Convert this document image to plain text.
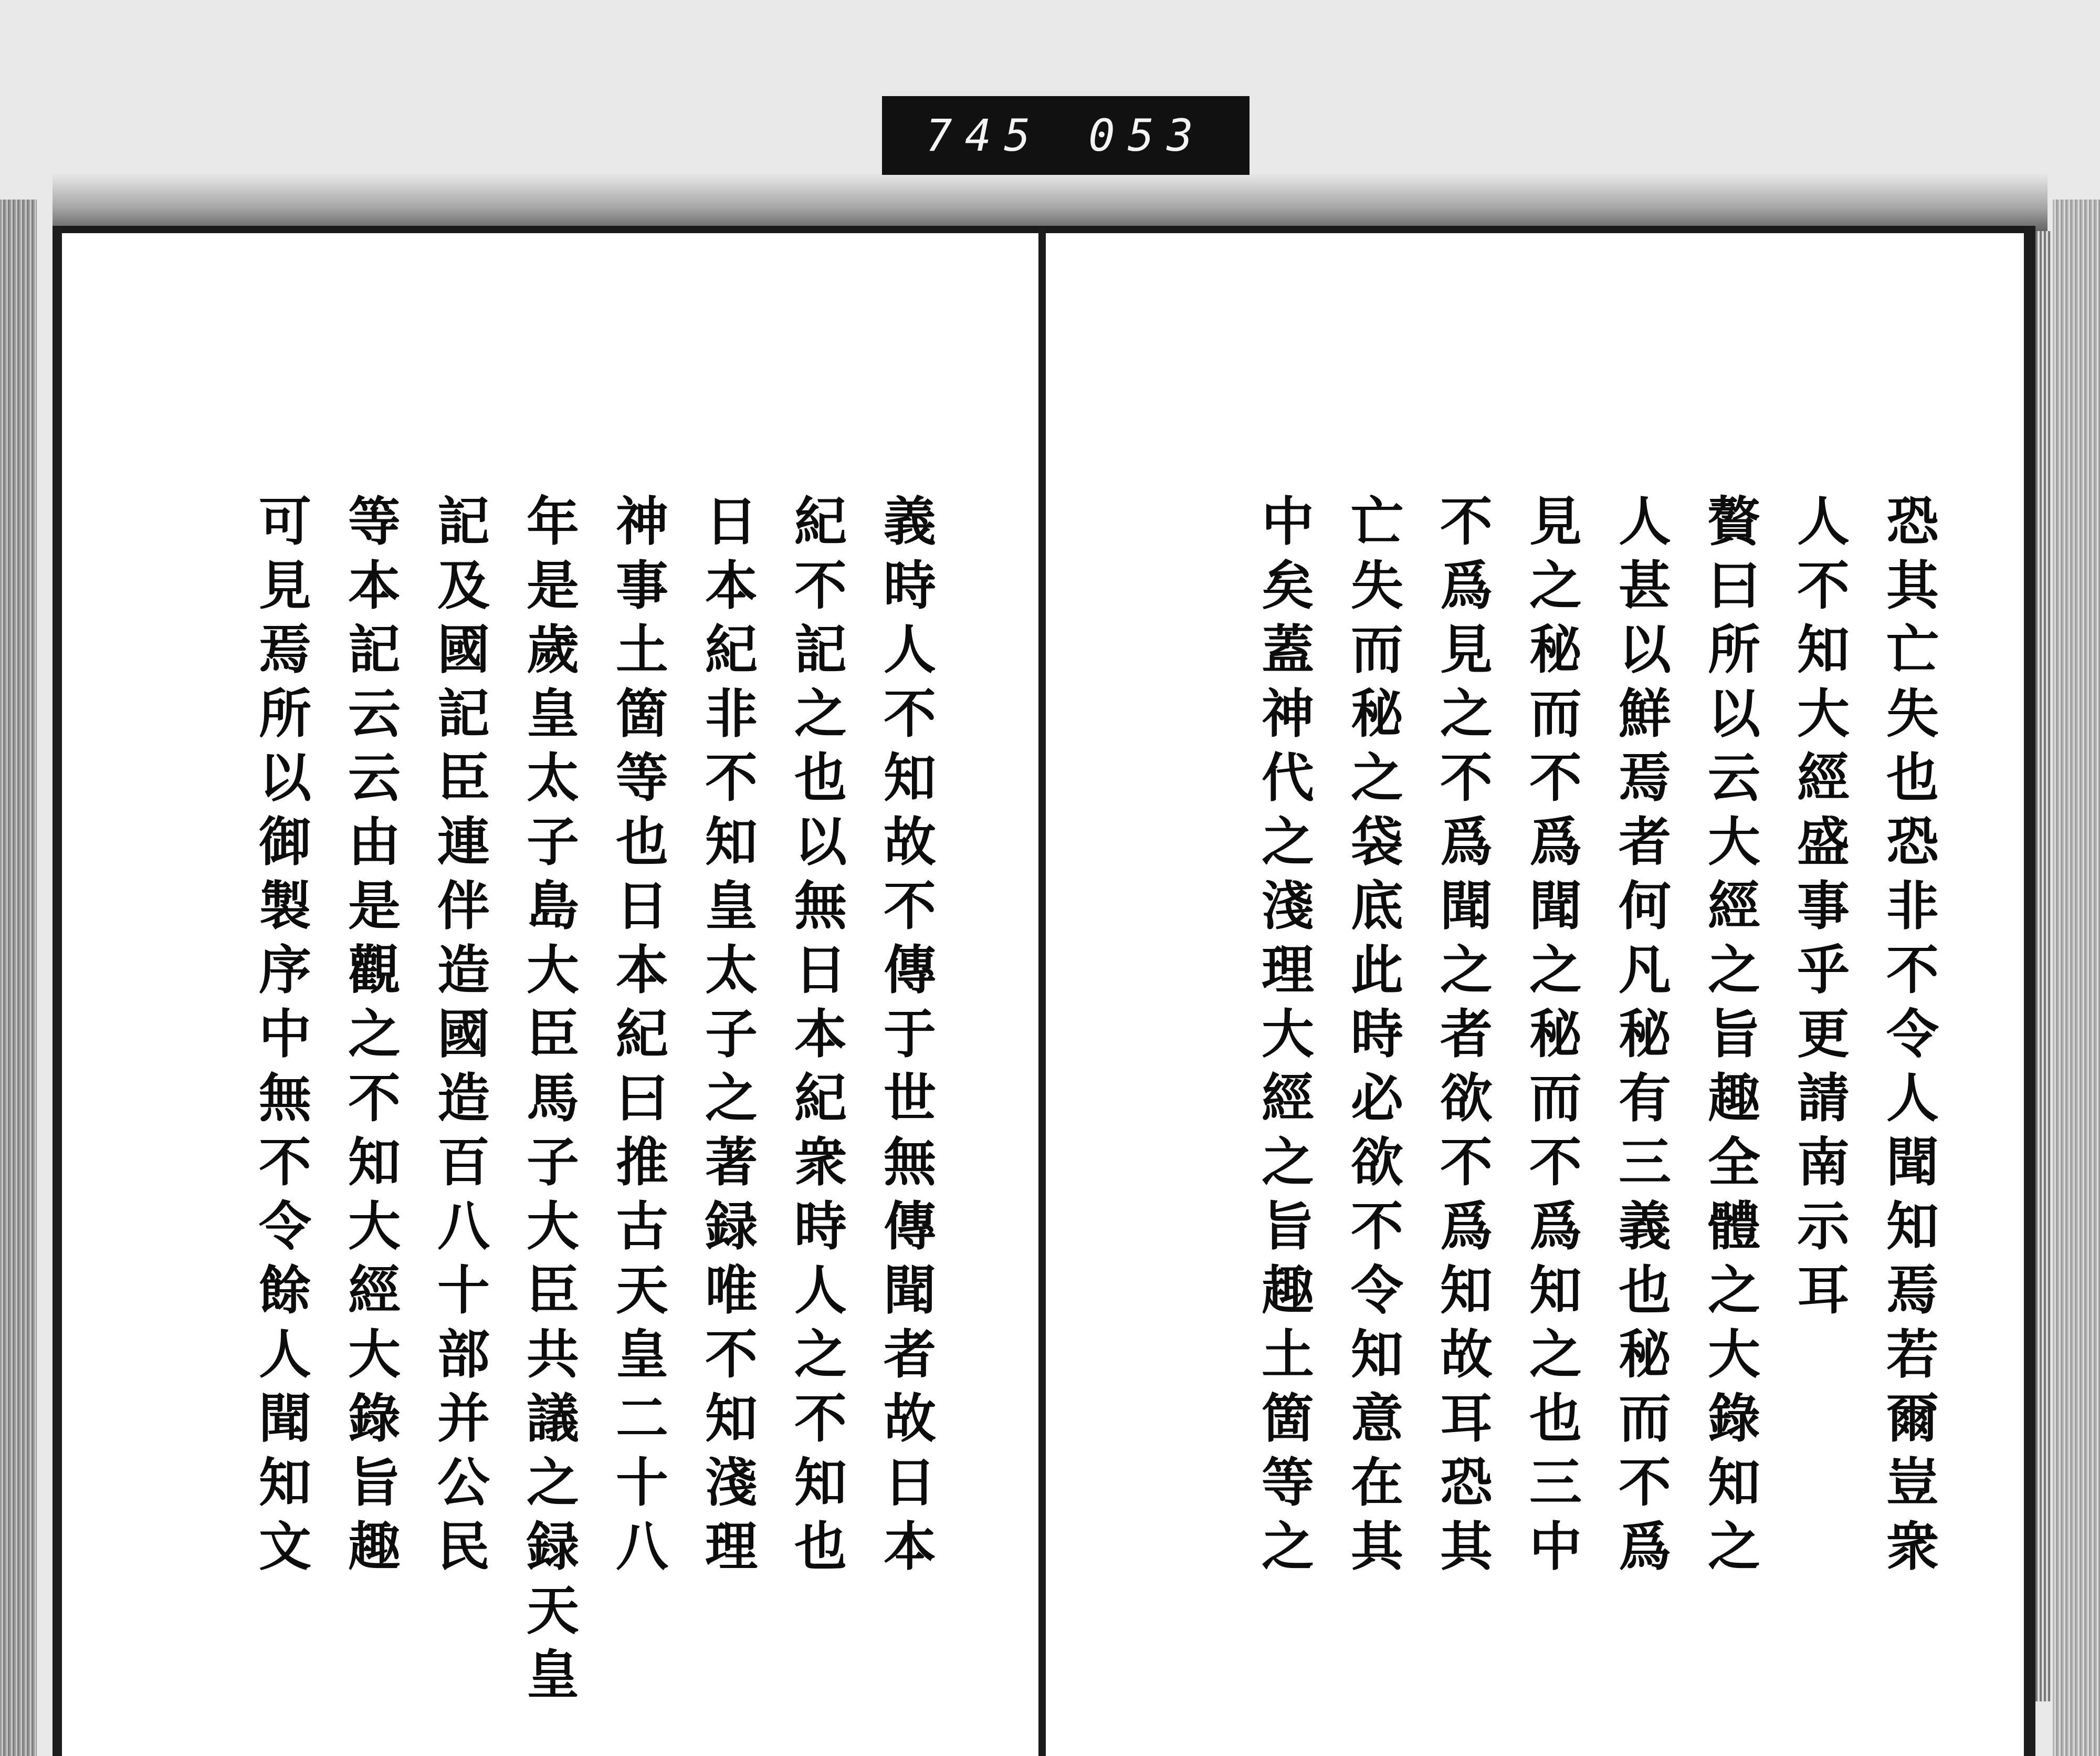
745 053
恐其亡失也恐非不令人聞知焉若爾豈衆
人不知大經盛事乎更請南示耳
贅曰所以云大經之旨趣全體之大錄知之
人甚以鮮焉者何凡秘有三義也秘而不爲
見之秘而不爲聞之秘而不爲知之也三中
不爲見之不爲聞之者欲不爲知故耳恐其
亡失而秘之袋底此時必欲不令知意在其
中矣蓋神代之淺理大經之旨趣土箇等之
義時人不知故不傳于世無傳聞者故日本
紀不記之也以無日本紀衆時人之不知也
日本紀非不知皇太子之著録唯不知淺理
神事土箇等也日本紀曰推古天皇二十八
年是歲皇太子島大臣馬子大臣共議之録天皇
記及國記臣連伴造國造百八十部并公民
等本記云云由是觀之不知大經大錄旨趣
可見焉所以御製序中無不令餘人聞知文
